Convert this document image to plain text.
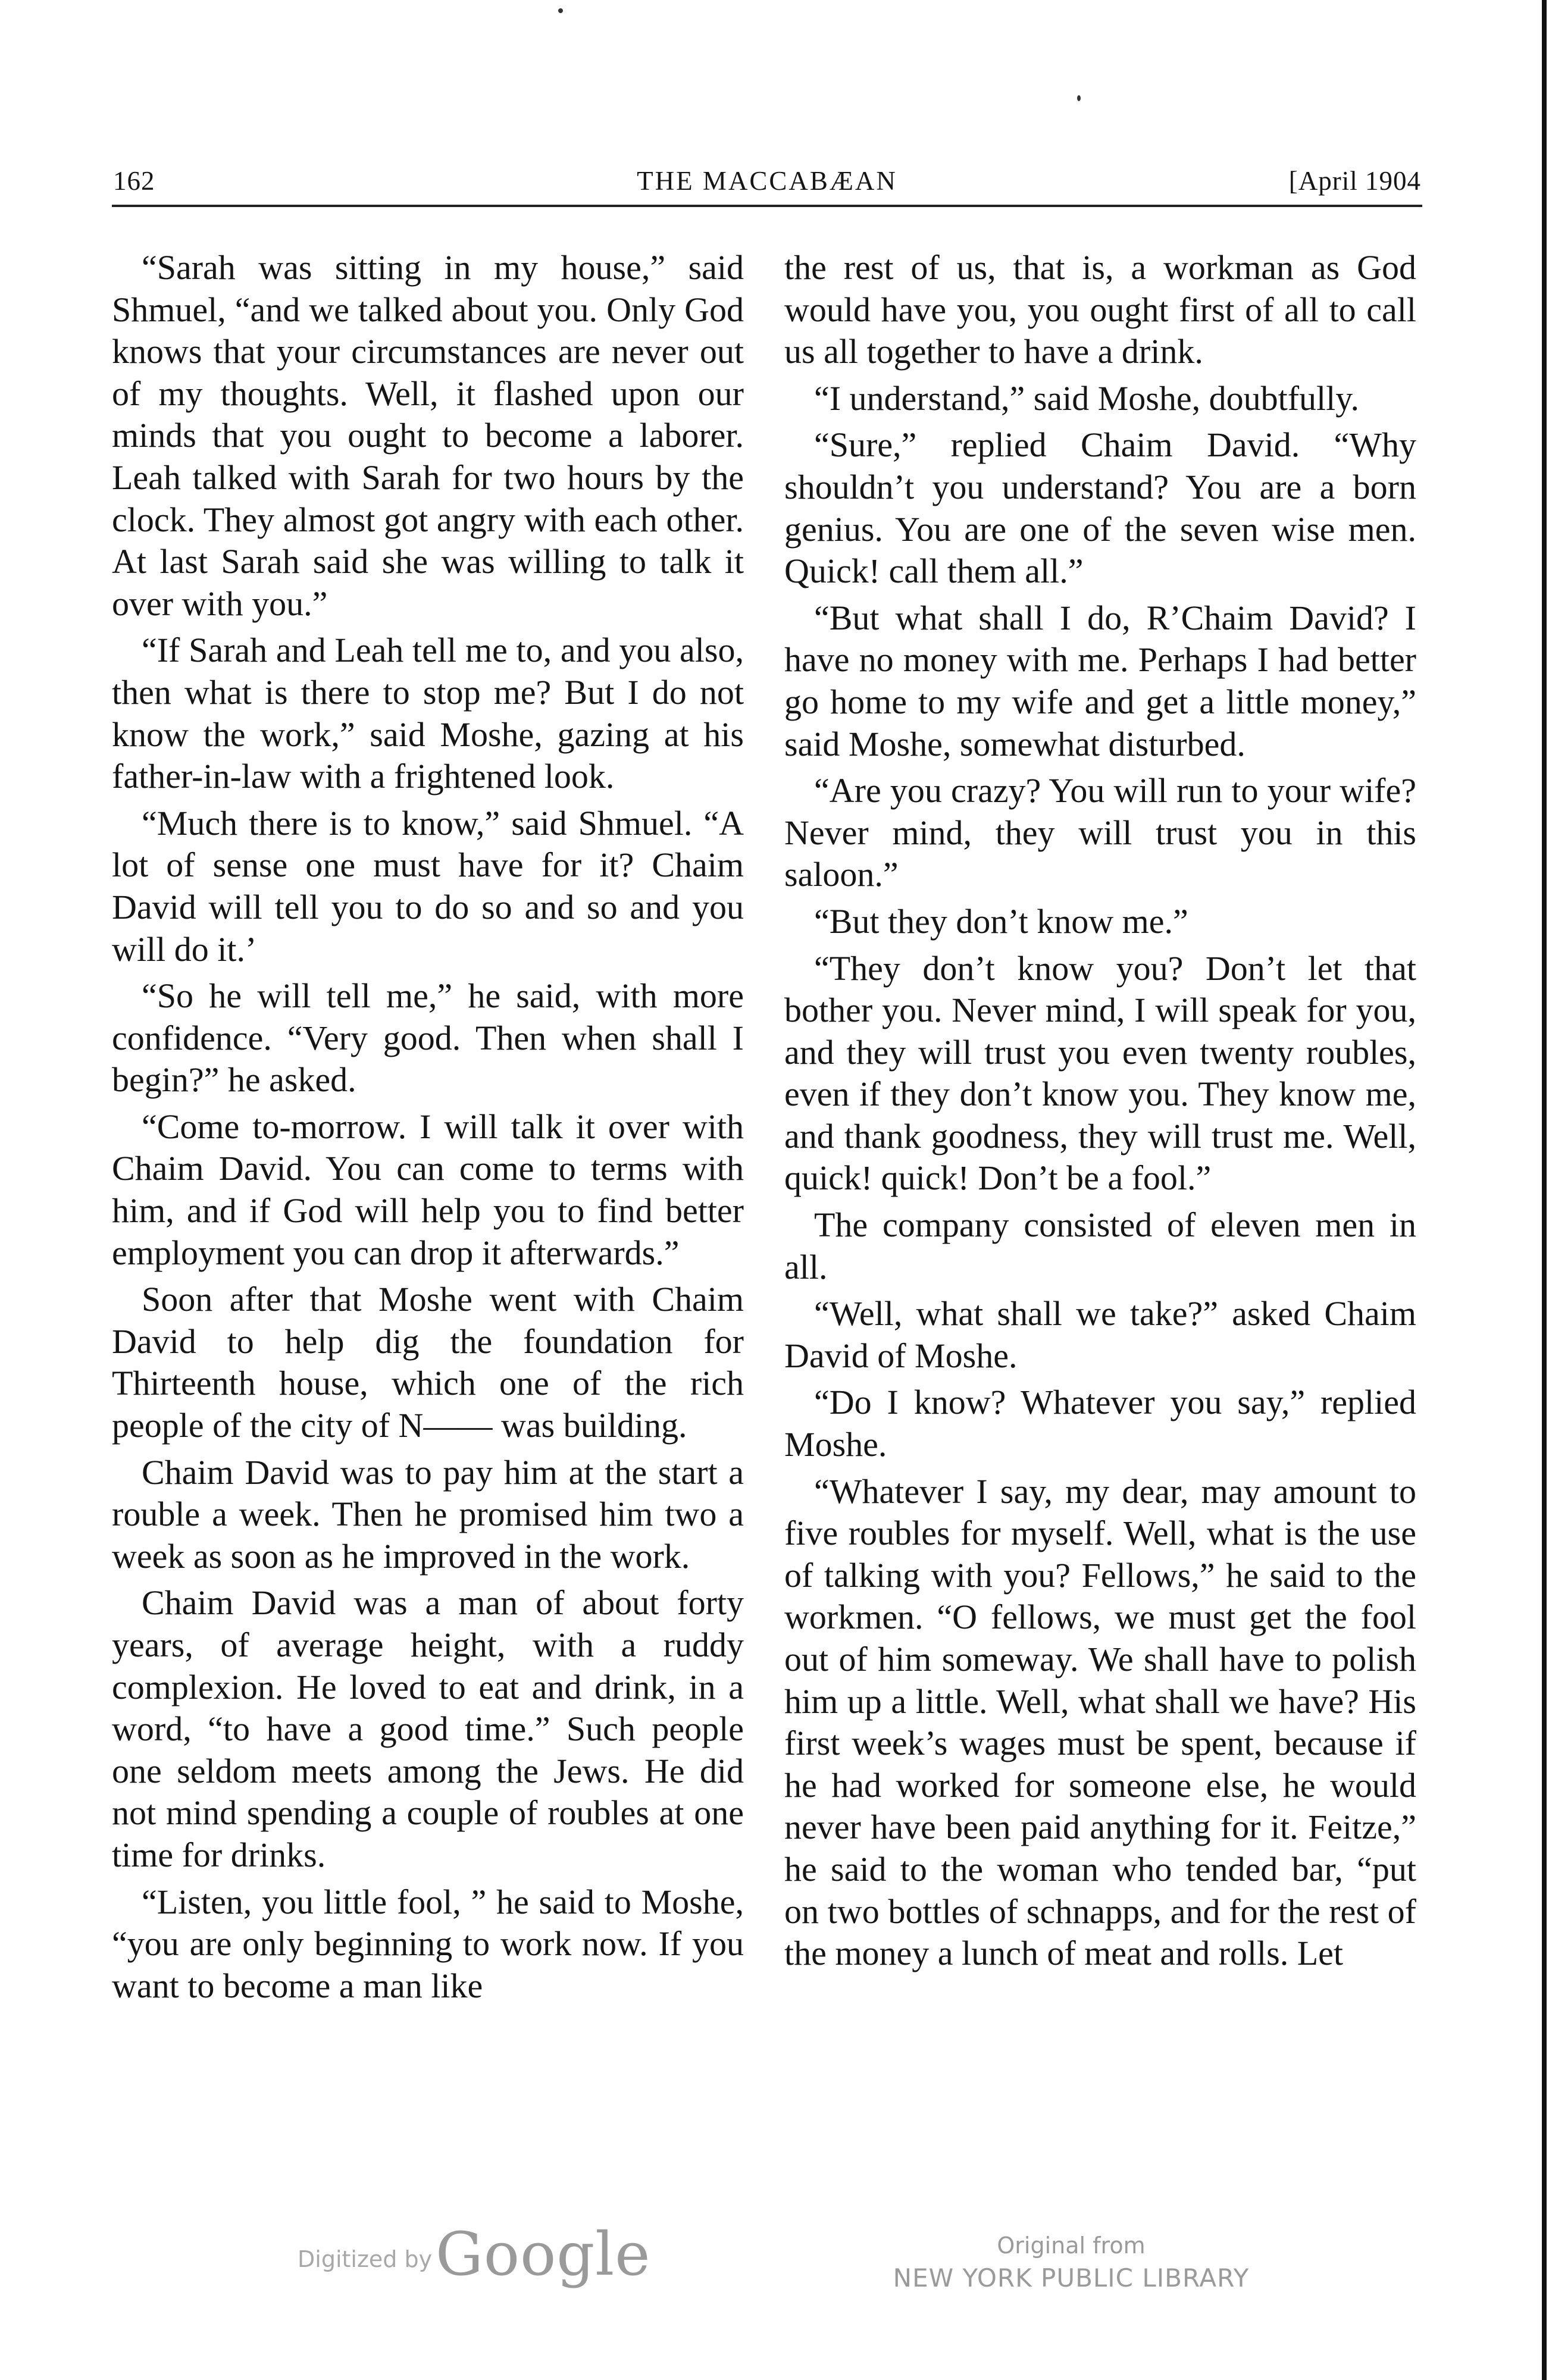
162	THE MACCABÆAN	[April 1904

“Sarah was sitting in my house,” said Shmuel, “and we talked about you. Only God knows that your circumstances are never out of my thoughts. Well, it flashed upon our minds that you ought to become a laborer. Leah talked with Sarah for two hours by the clock. They almost got angry with each other. At last Sarah said she was willing to talk it over with you.”

“If Sarah and Leah tell me to, and you also, then what is there to stop me? But I do not know the work,” said Moshe, gazing at his father-in-law with a frightened look.

“Much there is to know,” said Shmuel. “A lot of sense one must have for it? Chaim David will tell you to do so and so and you will do it.’

“So he will tell me,” he said, with more confidence. “Very good. Then when shall I begin?” he asked.

“Come to-morrow. I will talk it over with Chaim David. You can come to terms with him, and if God will help you to find better employment you can drop it afterwards.”

Soon after that Moshe went with Chaim David to help dig the foundation for Thirteenth house, which one of the rich people of the city of N—— was building.

Chaim David was to pay him at the start a rouble a week. Then he promised him two a week as soon as he improved in the work.

Chaim David was a man of about forty years, of average height, with a ruddy complexion. He loved to eat and drink, in a word, “to have a good time.” Such people one seldom meets among the Jews. He did not mind spending a couple of roubles at one time for drinks.

“Listen, you little fool, ” he said to Moshe, “you are only beginning to work now. If you want to become a man like

the rest of us, that is, a workman as God would have you, you ought first of all to call us all together to have a drink.

“I understand,” said Moshe, doubtfully.

“Sure,” replied Chaim David. “Why shouldn’t you understand? You are a born genius. You are one of the seven wise men. Quick! call them all.”

“But what shall I do, R’Chaim David? I have no money with me. Perhaps I had better go home to my wife and get a little money,” said Moshe, somewhat disturbed.

“Are you crazy? You will run to your wife? Never mind, they will trust you in this saloon.”

“But they don’t know me.”

“They don’t know you? Don’t let that bother you. Never mind, I will speak for you, and they will trust you even twenty roubles, even if they don’t know you. They know me, and thank goodness, they will trust me. Well, quick! quick! Don’t be a fool.”

The company consisted of eleven men in all.

“Well, what shall we take?” asked Chaim David of Moshe.

“Do I know? Whatever you say,” replied Moshe.

“Whatever I say, my dear, may amount to five roubles for myself. Well, what is the use of talking with you? Fellows,” he said to the workmen. “O fellows, we must get the fool out of him someway. We shall have to polish him up a little. Well, what shall we have? His first week’s wages must be spent, because if he had worked for someone else, he would never have been paid anything for it. Feitze,” he said to the woman who tended bar, “put on two bottles of schnapps, and for the rest of the money a lunch of meat and rolls. Let

Digitized by Google	Original from
NEW YORK PUBLIC LIBRARY
